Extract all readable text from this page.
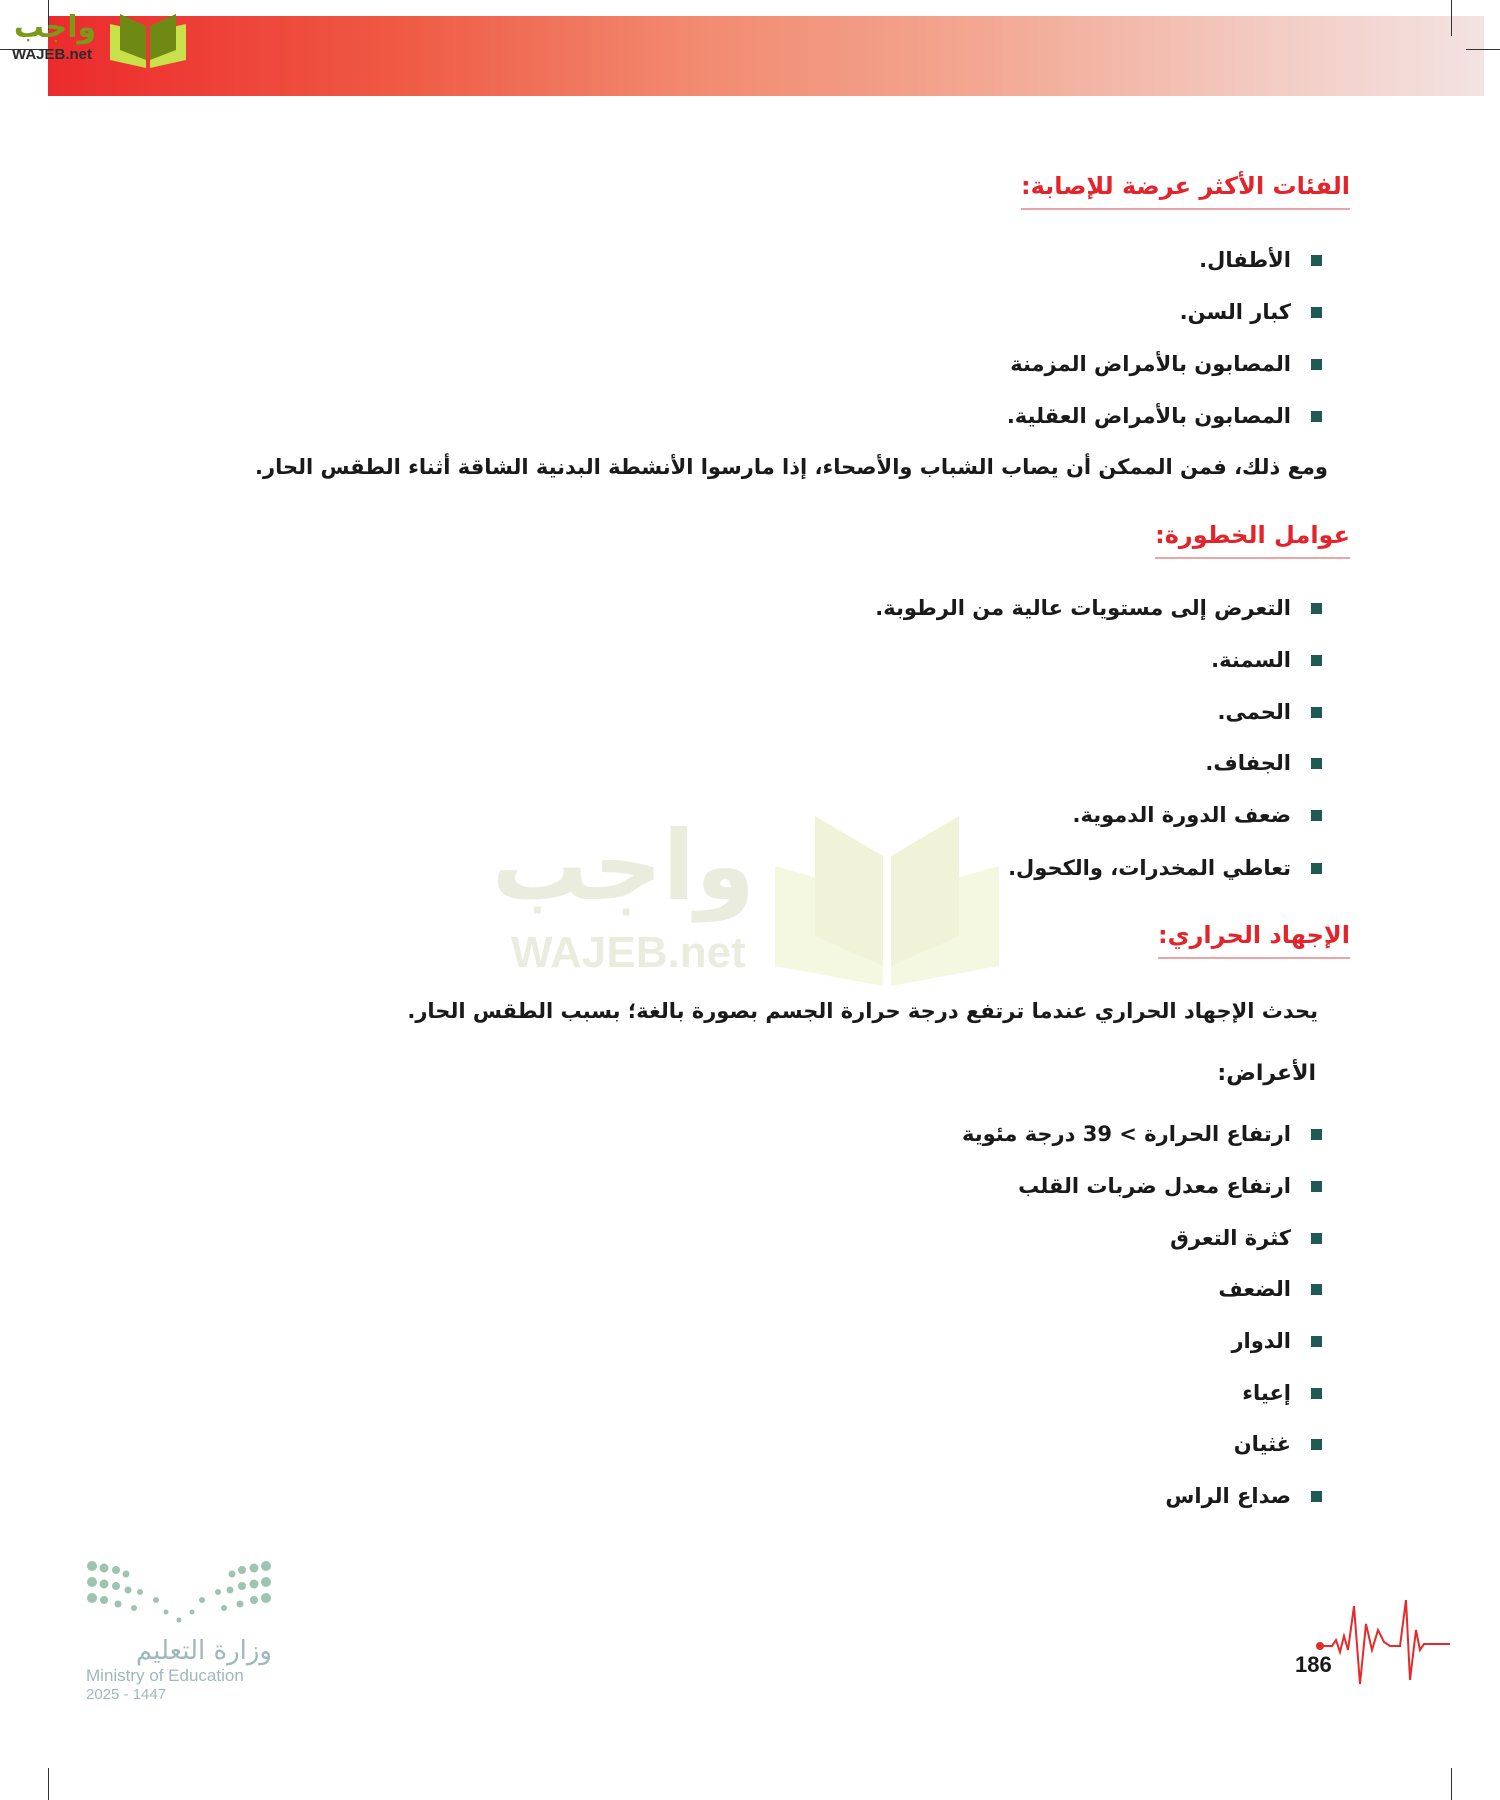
واجب
WAJEB.net
الفئات الأكثر عرضة للإصابة:
الأطفال.
كبار السن.
المصابون بالأمراض المزمنة
المصابون بالأمراض العقلية.
ومع ذلك، فمن الممكن أن يصاب الشباب والأصحاء، إذا مارسوا الأنشطة البدنية الشاقة أثناء الطقس الحار.
عوامل الخطورة:
التعرض إلى مستويات عالية من الرطوبة.
السمنة.
الحمى.
الجفاف.
ضعف الدورة الدموية.
تعاطي المخدرات، والكحول.
واجب
WAJEB.net	الإجهاد الحراري:
يحدث الإجهاد الحراري عندما ترتفع درجة حرارة الجسم بصورة بالغة؛ بسبب الطقس الحار.
الأعراض:
ارتفاع الحرارة > 39 درجة مئوية
ارتفاع معدل ضربات القلب
كثرة التعرق
الضعف
الدوار
إعياء
غثيان
صداع الراس
وزارة التعليم
Ministry of Education
2025 - 1447
186
